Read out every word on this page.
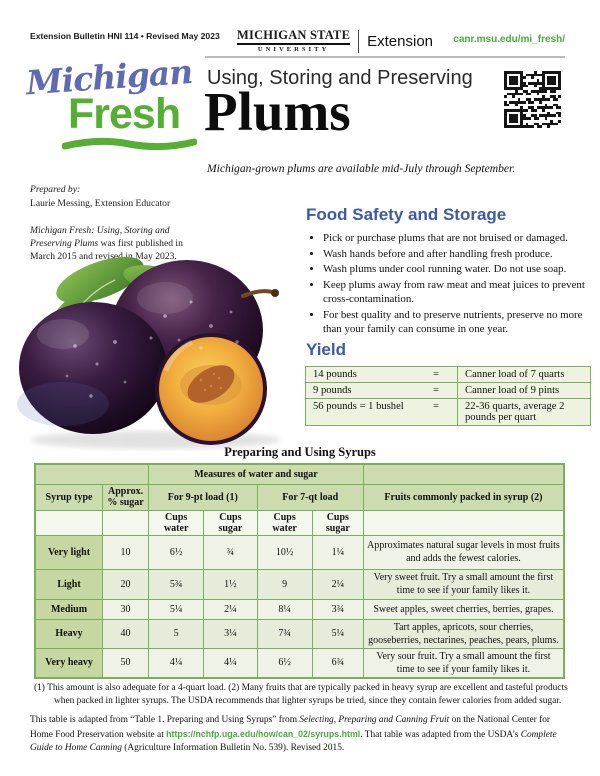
Extension Bulletin HNI 114 • Revised May 2023 MICHIGAN STATE
UNIVERSITY	Extension canr.msu.edu/mi_fresh/
Michigan
Fresh
Using, Storing and Preserving
Plums
Michigan-grown plums are available mid-July through September.
Prepared by:
Laurie Messing, Extension Educator
Michigan Fresh: Using, Storing and Preserving Plums was first published in March 2015 and revised in May 2023.
Food Safety and Storage
• Pick or purchase plums that are not bruised or damaged.
• Wash hands before and after handling fresh produce.
• Wash plums under cool running water. Do not use soap.
• Keep plums away from raw meat and meat juices to prevent cross-contamination.
• For best quality and to preserve nutrients, preserve no more than your family can consume in one year.
Yield
14 pounds	=	Canner load of 7 quarts
9 pounds	=	Canner load of 9 pints
56 pounds = 1 bushel	=	22-36 quarts, average 2 pounds per quart
Preparing and Using Syrups
		Measures of water and sugar				
Syrup type	Approx. % sugar	For 9-pt load (1)		For 7-qt load		Fruits commonly packed in syrup (2)
		Cups water	Cups sugar	Cups water	Cups sugar	
Very light	10	6½	¾	10½	1¼	Approximates natural sugar levels in most fruits and adds the fewest calories.
Light	20	5¾	1½	9	2¼	Very sweet fruit. Try a small amount the first time to see if your family likes it.
Medium	30	5¼	2¼	8¼	3¾	Sweet apples, sweet cherries, berries, grapes.
Heavy	40	5	3¼	7¾	5¼	Tart apples, apricots, sour cherries, gooseberries, nectarines, peaches, pears, plums.
Very heavy	50	4¼	4¼	6½	6¾	Very sour fruit. Try a small amount the first time to see if your family likes it.
(1) This amount is also adequate for a 4-quart load. (2) Many fruits that are typically packed in heavy syrup are excellent and tasteful products when packed in lighter syrups. The USDA recommends that lighter syrups be tried, since they contain fewer calories from added sugar.
This table is adapted from “Table 1. Preparing and Using Syrups” from Selecting, Preparing and Canning Fruit on the National Center for Home Food Preservation website at https://nchfp.uga.edu/how/can_02/syrups.html. That table was adapted from the USDA’s Complete Guide to Home Canning (Agriculture Information Bulletin No. 539). Revised 2015.
